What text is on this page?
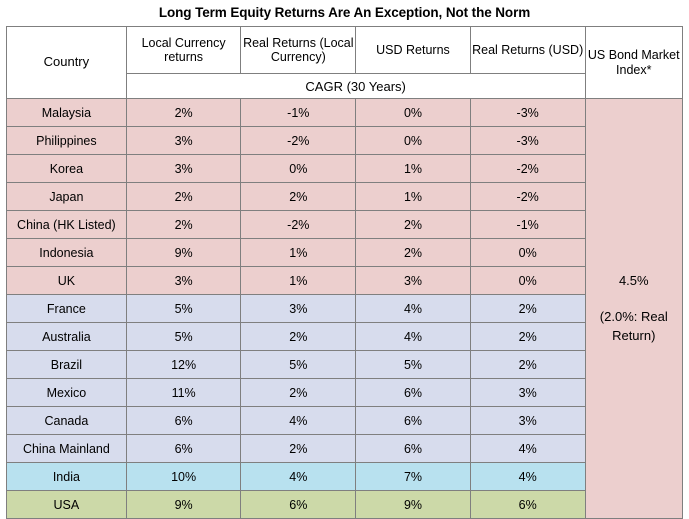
Long Term Equity Returns Are An Exception, Not the Norm
Country	Local Currency returns	Real Returns (Local Currency)	USD Returns	Real Returns (USD)	US Bond Market Index*
	CAGR (30 Years)				
Malaysia	2%	-1%	0%	-3%	4.5%
(2.0%: Real Return)

Philippines	3%	-2%	0%	-3%	
Korea	3%	0%	1%	-2%	
Japan	2%	2%	1%	-2%	
China (HK Listed)	2%	-2%	2%	-1%	
Indonesia	9%	1%	2%	0%	
UK	3%	1%	3%	0%	
France	5%	3%	4%	2%	
Australia	5%	2%	4%	2%	
Brazil	12%	5%	5%	2%	
Mexico	11%	2%	6%	3%	
Canada	6%	4%	6%	3%	
China Mainland	6%	2%	6%	4%	
India	10%	4%	7%	4%	
USA	9%	6%	9%	6%	
